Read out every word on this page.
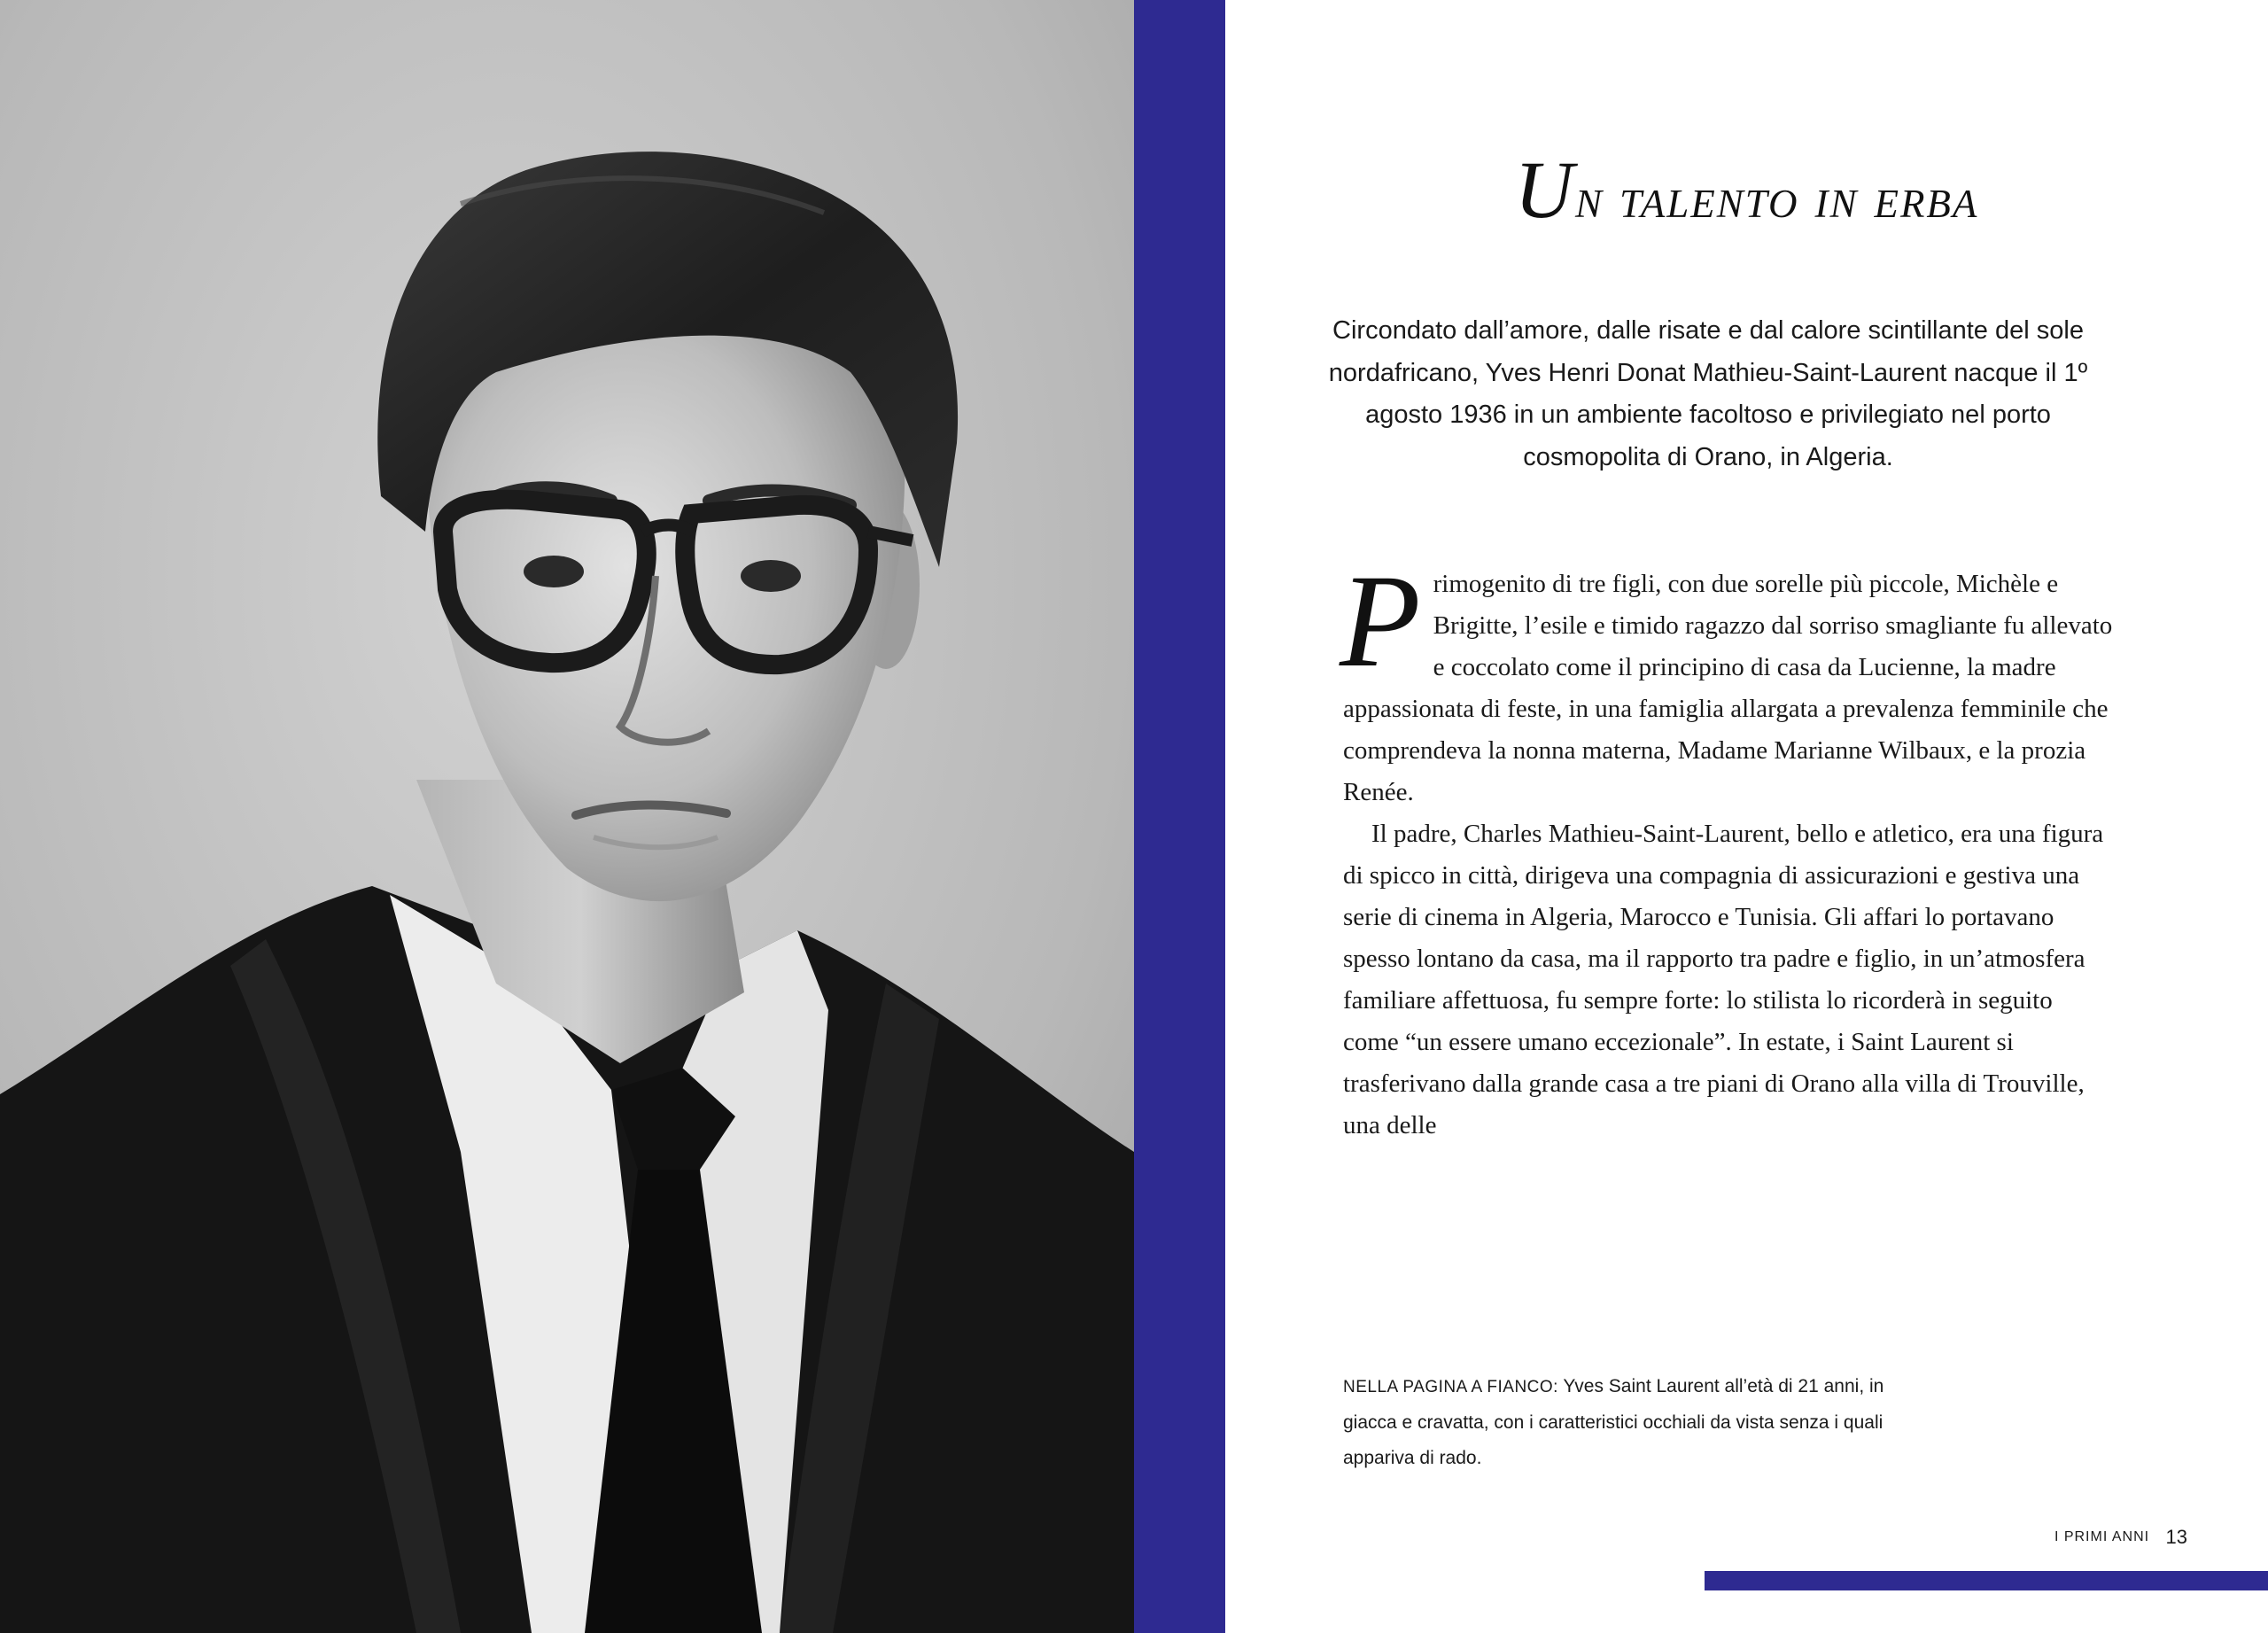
Un talento in erba

Circondato dall’amore, dalle risate e dal calore scintillante del sole nordafricano, Yves Henri Donat Mathieu-Saint-Laurent nacque il 1º agosto 1936 in un ambiente facoltoso e privilegiato nel porto cosmopolita di Orano, in Algeria.

Primogenito di tre figli, con due sorelle più piccole, Michèle e Brigitte, l’esile e timido ragazzo dal sorriso smagliante fu allevato e coccolato come il principino di casa da Lucienne, la madre appassionata di feste, in una famiglia allargata a prevalenza femminile che comprendeva la nonna materna, Madame Marianne Wilbaux, e la prozia Renée.

Il padre, Charles Mathieu-Saint-Laurent, bello e atletico, era una figura di spicco in città, dirigeva una compagnia di assicurazioni e gestiva una serie di cinema in Algeria, Marocco e Tunisia. Gli affari lo portavano spesso lontano da casa, ma il rapporto tra padre e figlio, in un’atmosfera familiare affettuosa, fu sempre forte: lo stilista lo ricorderà in seguito come “un essere umano eccezionale”. In estate, i Saint Laurent si trasferivano dalla grande casa a tre piani di Orano alla villa di Trouville, una delle

NELLA PAGINA A FIANCO: Yves Saint Laurent all’età di 21 anni, in giacca e cravatta, con i caratteristici occhiali da vista senza i quali appariva di rado.

I PRIMI ANNI 13
